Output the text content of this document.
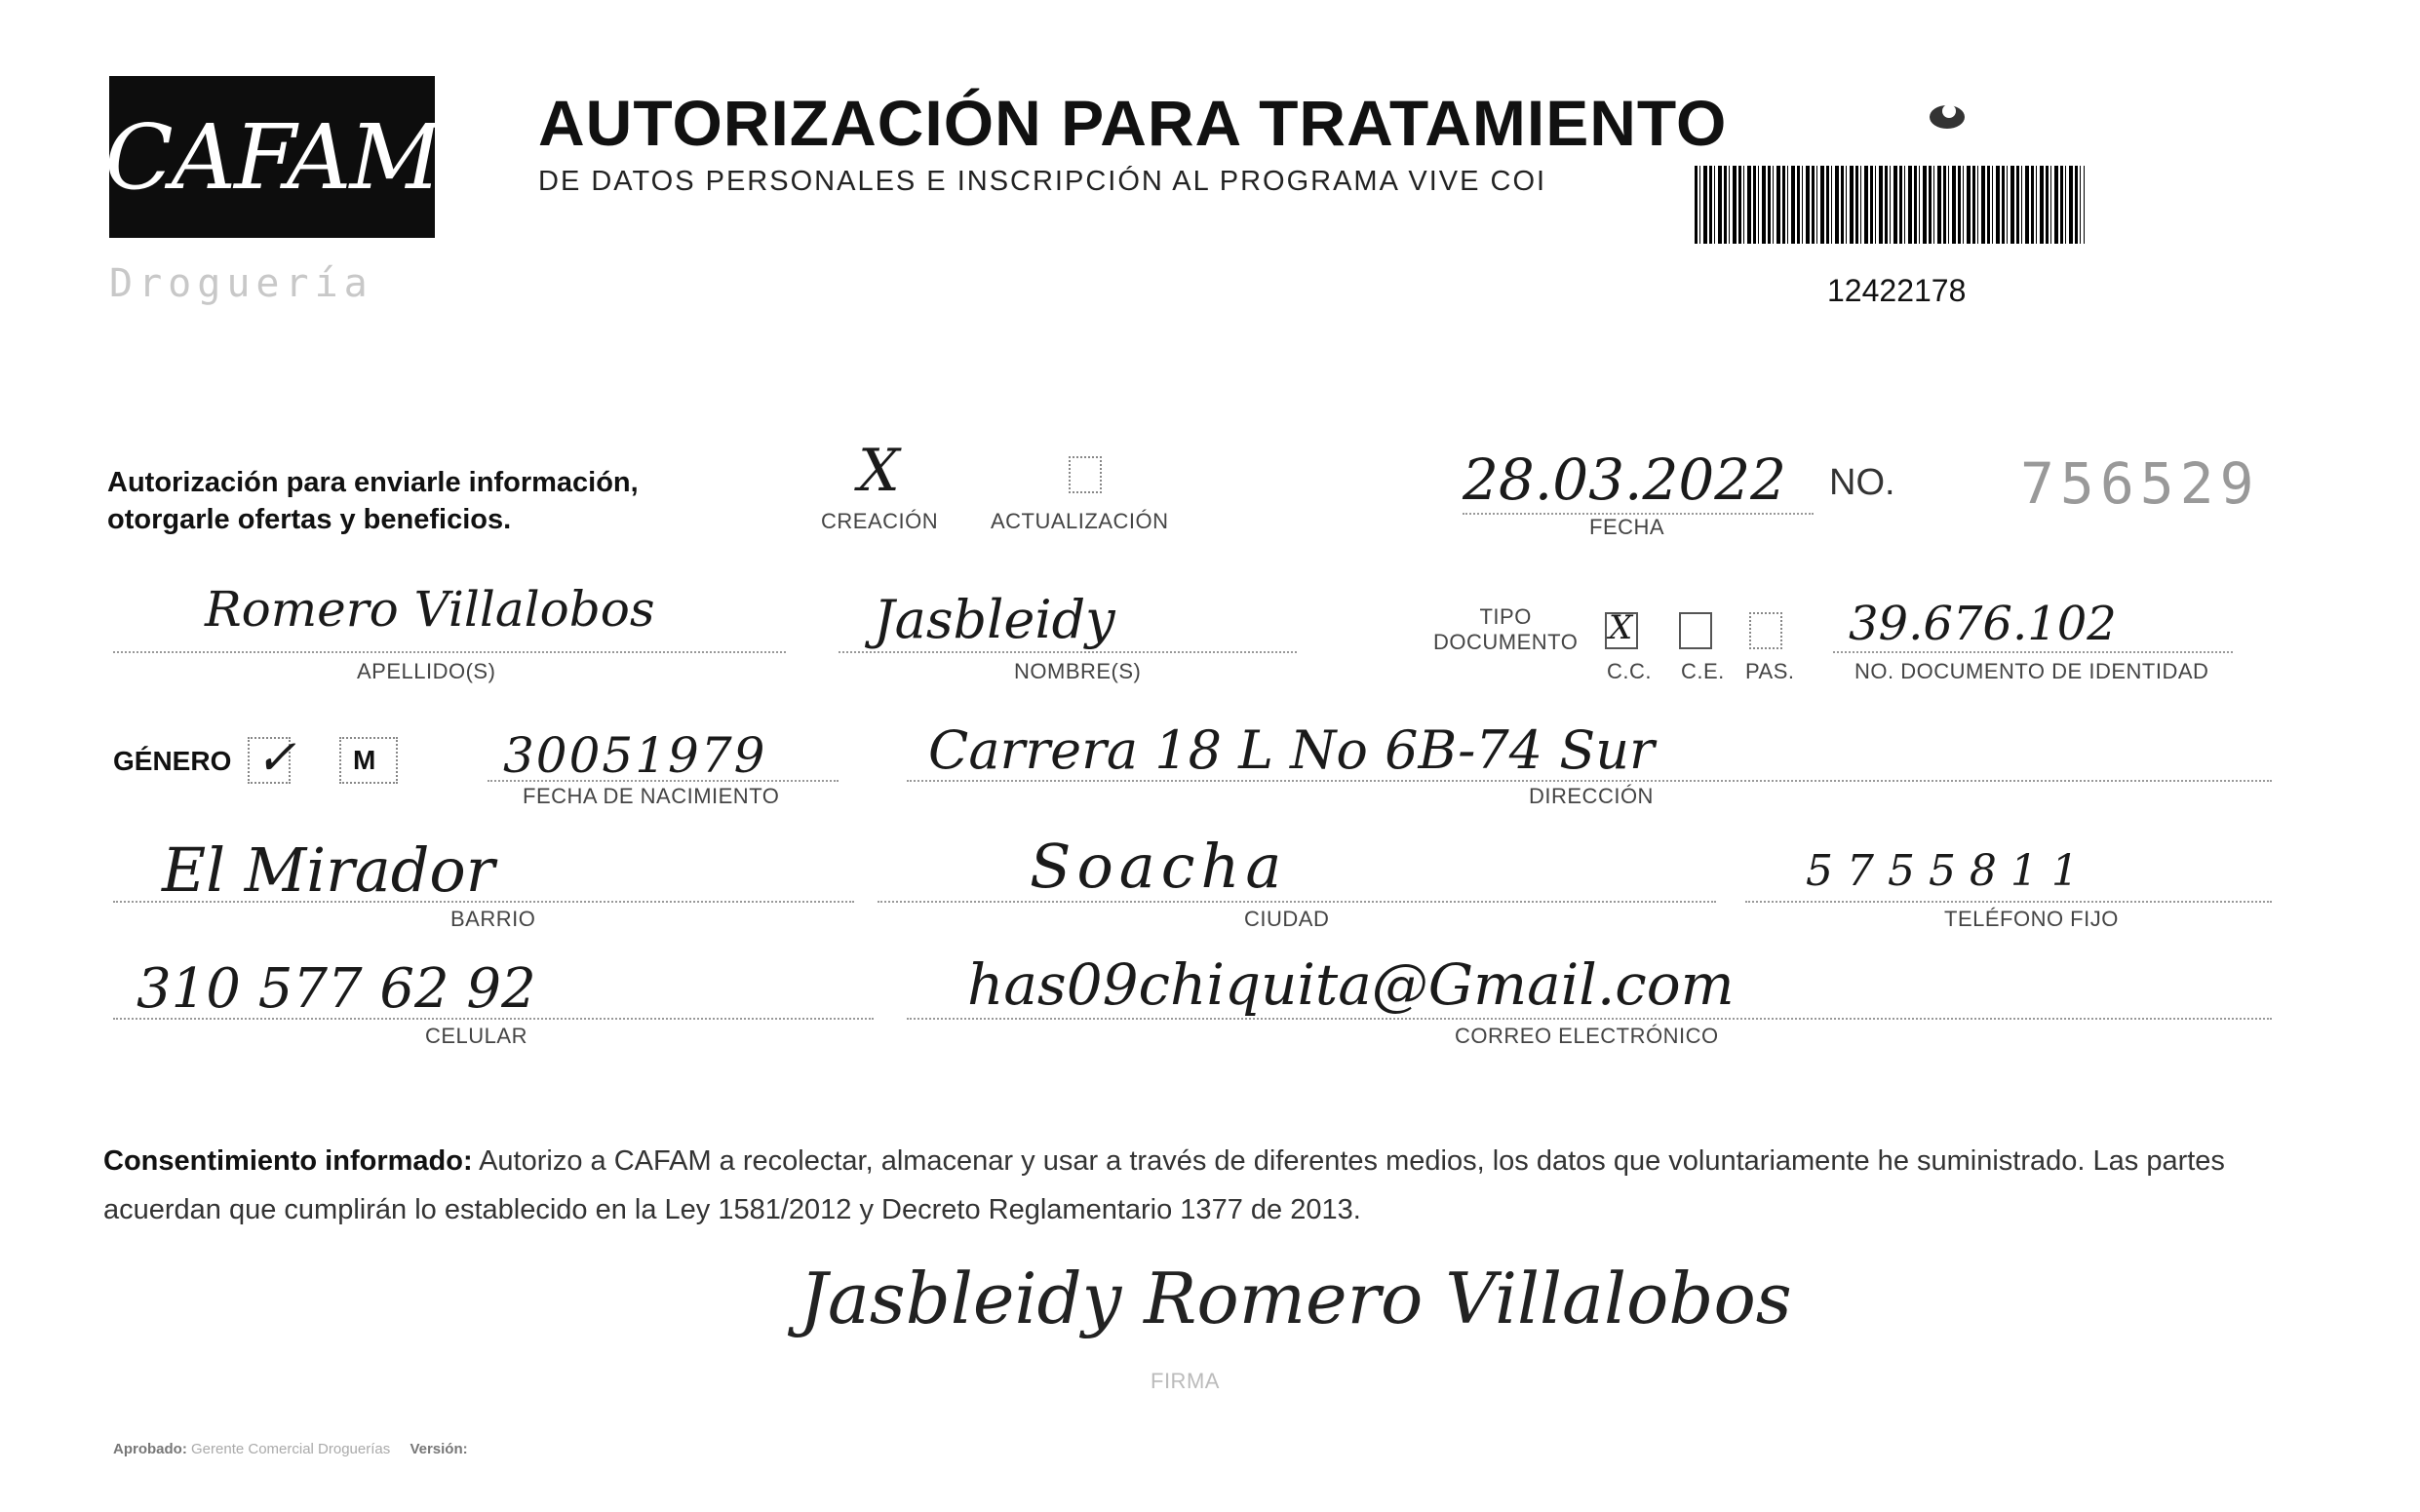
CAFAM AUTORIZACIÓN PARA TRATAMIENTO
DE DATOS PERSONALES E INSCRIPCIÓN AL PROGRAMA VIVE COI
12422178
Droguería
Autorización para enviarle información,
otorgarle ofertas y beneficios.
X
CREACIÓN ACTUALIZACIÓN
28.03.2022
FECHA
NO. 756529
Romero Villalobos
APELLIDO(S)
Jasbleidy
NOMBRE(S)
TIPO
DOCUMENTO X
C.C. C.E. PAS.
39.676.102
NO. DOCUMENTO DE IDENTIDAD
GÉNERO ✓ M	30051979
FECHA DE NACIMIENTO
Carrera 18 L No 6B-74 Sur
DIRECCIÓN
El Mirador
BARRIO
Soacha
CIUDAD
5 7 5 5 8 1 1
TELÉFONO FIJO
310 577 62 92
CELULAR
has09chiquita@Gmail.com
CORREO ELECTRÓNICO
Consentimiento informado: Autorizo a CAFAM a recolectar, almacenar y usar a través de diferentes medios, los datos que voluntariamente he suministrado. Las partes acuerdan que cumplirán lo establecido en la Ley 1581/2012 y Decreto Reglamentario 1377 de 2013.
Jasbleidy Romero Villalobos
FIRMA
Aprobado: Gerente Comercial Droguerías Versión:
